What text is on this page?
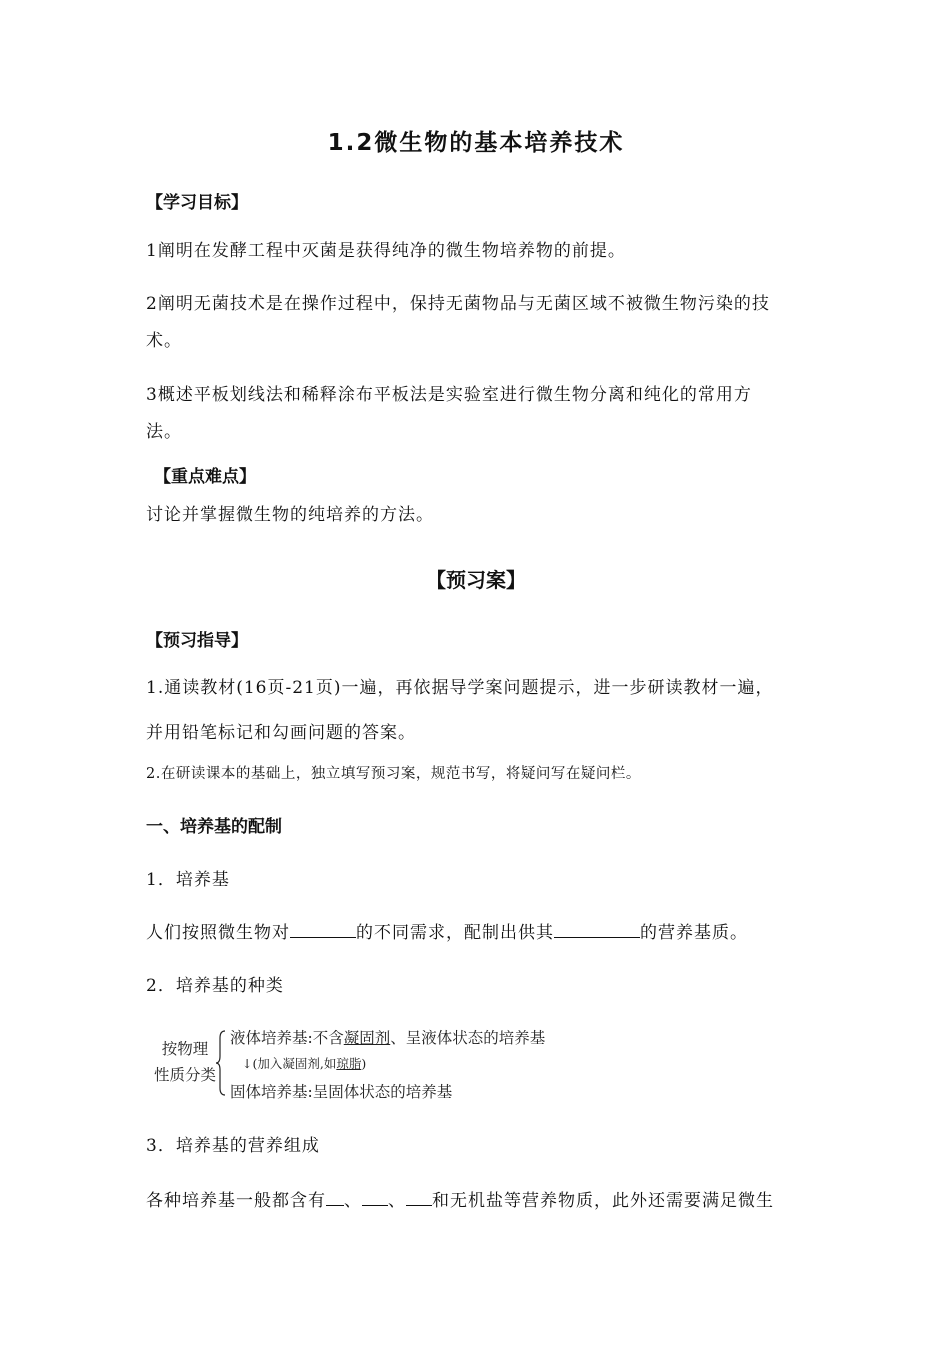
1.2微生物的基本培养技术
【学习目标】
1阐明在发酵工程中灭菌是获得纯净的微生物培养物的前提。
2阐明无菌技术是在操作过程中，保持无菌物品与无菌区域不被微生物污染的技
术。
3概述平板划线法和稀释涂布平板法是实验室进行微生物分离和纯化的常用方
法。
【重点难点】
讨论并掌握微生物的纯培养的方法。
【预习案】
【预习指导】
1.通读教材(16页-21页)一遍，再依据导学案问题提示，进一步研读教材一遍，
并用铅笔标记和勾画问题的答案。
2.在研读课本的基础上，独立填写预习案，规范书写，将疑问写在疑问栏。
一、培养基的配制
1．培养基
人们按照微生物对	的不同需求，配制出供其	的营养基质。
2．培养基的种类
按物理
性质分类
液体培养基:不含凝固剂、呈液体状态的培养基
↓(加入凝固剂,如琼脂)
固体培养基:呈固体状态的培养基
3．培养基的营养组成
各种培养基一般都含有 、 、 和无机盐等营养物质，此外还需要满足微生
